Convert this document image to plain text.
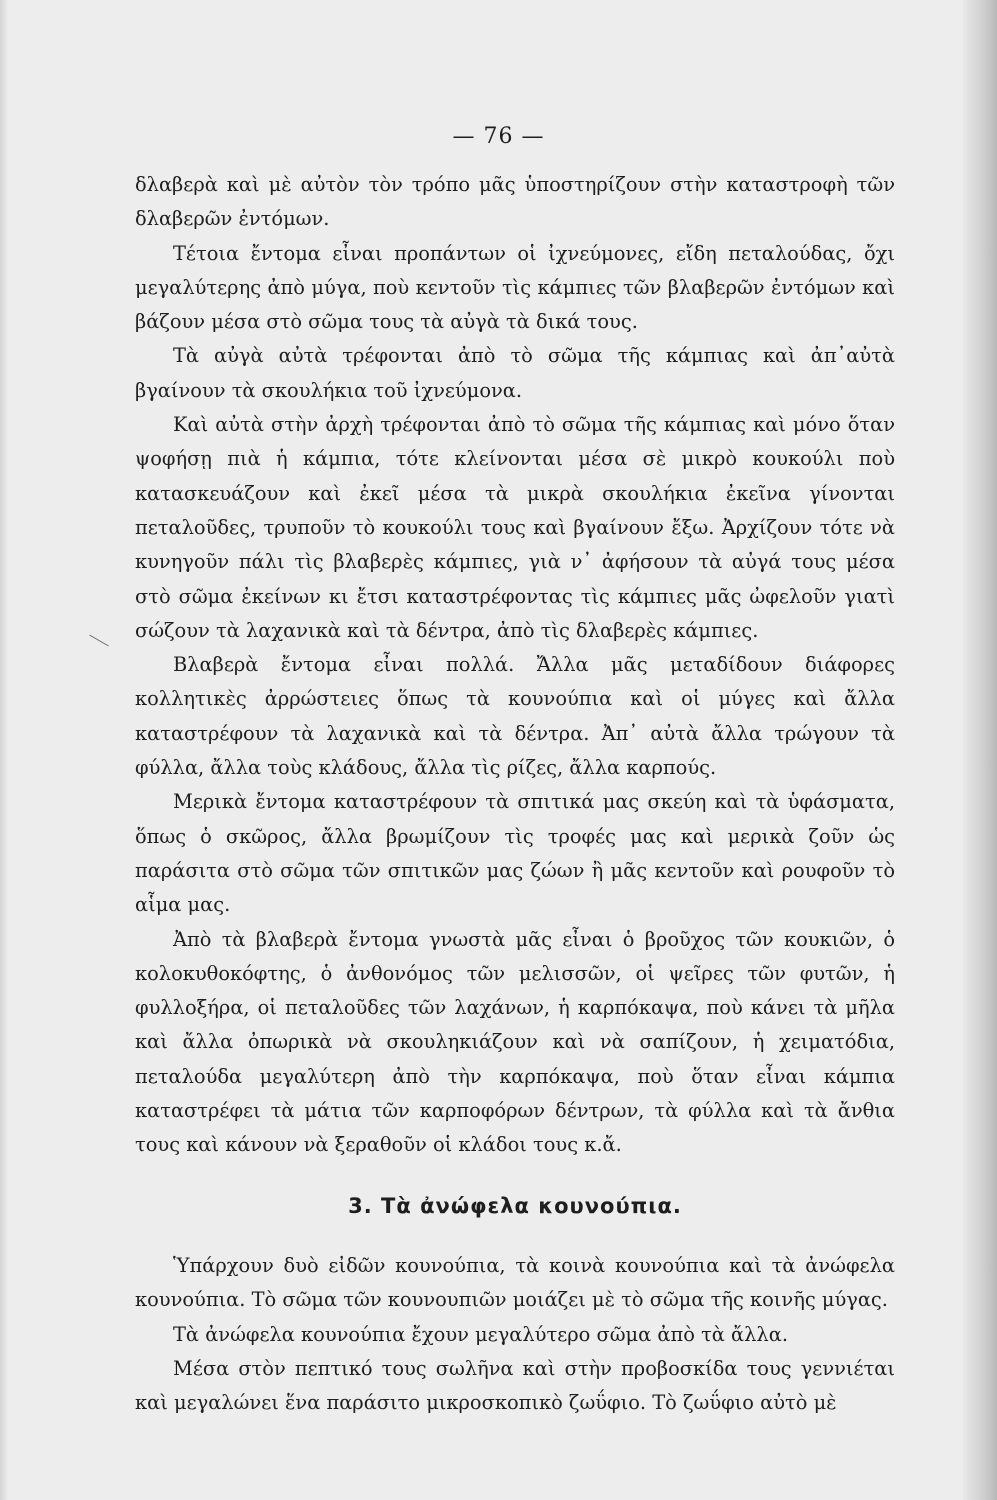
— 76 —

δλαβερὰ καὶ μὲ αὐτὸν τὸν τρόπο μᾶς ὑποστηρίζουν στὴν καταστροφὴ τῶν δλαβερῶν ἐντόμων.

Τέτοια ἔντομα εἶναι προπάντων οἱ ἰχνεύμονες, εἴδη πεταλούδας, ὄχι μεγαλύτερης ἀπὸ μύγα, ποὺ κεντοῦν τὶς κάμπιες τῶν βλαβερῶν ἐντόμων καὶ βάζουν μέσα στὸ σῶμα τους τὰ αὐγὰ τὰ δικά τους.

Τὰ αὐγὰ αὐτὰ τρέφονται ἀπὸ τὸ σῶμα τῆς κάμπιας καὶ ἀπ᾽αὐτὰ βγαίνουν τὰ σκουλήκια τοῦ ἰχνεύμονα.

Καὶ αὐτὰ στὴν ἀρχὴ τρέφονται ἀπὸ τὸ σῶμα τῆς κάμπιας καὶ μόνο ὅταν ψοφήσῃ πιὰ ἡ κάμπια, τότε κλείνονται μέσα σὲ μικρὸ κουκούλι ποὺ κατασκευάζουν καὶ ἐκεῖ μέσα τὰ μικρὰ σκουλήκια ἐκεῖνα γίνονται πεταλοῦδες, τρυποῦν τὸ κουκούλι τους καὶ βγαίνουν ἔξω. Ἀρχίζουν τότε νὰ κυνηγοῦν πάλι τὶς βλαβερὲς κάμπιες, γιὰ ν᾽ ἀφήσουν τὰ αὐγά τους μέσα στὸ σῶμα ἐκείνων κι ἔτσι καταστρέφοντας τὶς κάμπιες μᾶς ὠφελοῦν γιατὶ σώζουν τὰ λαχανικὰ καὶ τὰ δέντρα, ἀπὸ τὶς δλαβερὲς κάμπιες.

Βλαβερὰ ἔντομα εἶναι πολλά. Ἄλλα μᾶς μεταδίδουν διάφορες κολλητικὲς ἀρρώστειες ὅπως τὰ κουνούπια καὶ οἱ μύγες καὶ ἄλλα καταστρέφουν τὰ λαχανικὰ καὶ τὰ δέντρα. Ἀπ᾽ αὐτὰ ἄλλα τρώγουν τὰ φύλλα, ἄλλα τοὺς κλάδους, ἄλλα τὶς ρίζες, ἄλλα καρπούς.

Μερικὰ ἔντομα καταστρέφουν τὰ σπιτικά μας σκεύη καὶ τὰ ὑφάσματα, ὅπως ὁ σκῶρος, ἄλλα βρωμίζουν τὶς τροφές μας καὶ μερικὰ ζοῦν ὡς παράσιτα στὸ σῶμα τῶν σπιτικῶν μας ζώων ἢ μᾶς κεντοῦν καὶ ρουφοῦν τὸ αἷμα μας.

Ἀπὸ τὰ βλαβερὰ ἔντομα γνωστὰ μᾶς εἶναι ὁ βροῦχος τῶν κουκιῶν, ὁ κολοκυθοκόφτης, ὁ ἀνθονόμος τῶν μελισσῶν, οἱ ψεῖρες τῶν φυτῶν, ἡ φυλλοξήρα, οἱ πεταλοῦδες τῶν λαχάνων, ἡ καρπόκαψα, ποὺ κάνει τὰ μῆλα καὶ ἄλλα ὀπωρικὰ νὰ σκουληκιάζουν καὶ νὰ σαπίζουν, ἡ χειματόδια, πεταλούδα μεγαλύτερη ἀπὸ τὴν καρπόκαψα, ποὺ ὅταν εἶναι κάμπια καταστρέφει τὰ μάτια τῶν καρποφόρων δέντρων, τὰ φύλλα καὶ τὰ ἄνθια τους καὶ κάνουν νὰ ξεραθοῦν οἱ κλάδοι τους κ.ἄ.

3. Τὰ ἀνώφελα κουνούπια.

Ὑπάρχουν δυὸ εἰδῶν κουνούπια, τὰ κοινὰ κουνούπια καὶ τὰ ἀνώφελα κουνούπια. Τὸ σῶμα τῶν κουνουπιῶν μοιάζει μὲ τὸ σῶμα τῆς κοινῆς μύγας.

Τὰ ἀνώφελα κουνούπια ἔχουν μεγαλύτερο σῶμα ἀπὸ τὰ ἄλλα.

Μέσα στὸν πεπτικό τους σωλῆνα καὶ στὴν προβοσκίδα τους γεννιέται καὶ μεγαλώνει ἕνα παράσιτο μικροσκοπικὸ ζωΰφιο. Τὸ ζωΰφιο αὐτὸ μὲ
